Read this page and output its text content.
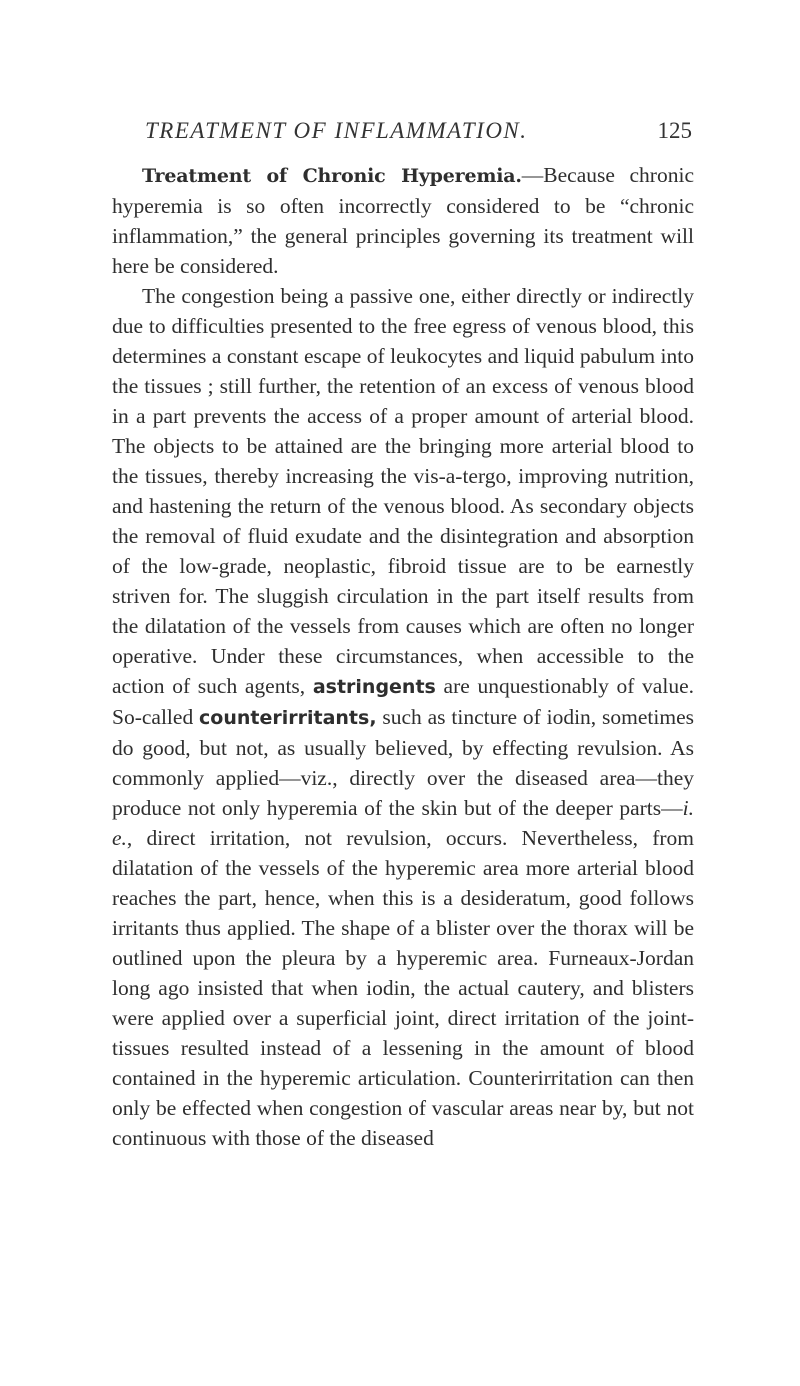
TREATMENT OF INFLAMMATION.	125

Treatment of Chronic Hyperemia.—Because chronic hyperemia is so often incorrectly considered to be “chronic inflammation,” the general principles governing its treatment will here be considered.

The congestion being a passive one, either directly or indirectly due to difficulties presented to the free egress of venous blood, this determines a constant escape of leukocytes and liquid pabulum into the tissues ; still further, the retention of an excess of venous blood in a part prevents the access of a proper amount of arterial blood. The objects to be attained are the bringing more arterial blood to the tissues, thereby increasing the vis-a-tergo, improving nutrition, and hastening the return of the venous blood. As secondary objects the removal of fluid exudate and the disintegration and absorption of the low-grade, neoplastic, fibroid tissue are to be earnestly striven for. The sluggish circulation in the part itself results from the dilatation of the vessels from causes which are often no longer operative. Under these circumstances, when accessible to the action of such agents, astringents are unquestionably of value. So-called counterirritants, such as tincture of iodin, sometimes do good, but not, as usually believed, by effecting revulsion. As commonly applied—viz., directly over the diseased area—they produce not only hyperemia of the skin but of the deeper parts—i. e., direct irritation, not revulsion, occurs. Nevertheless, from dilatation of the vessels of the hyperemic area more arterial blood reaches the part, hence, when this is a desideratum, good follows irritants thus applied. The shape of a blister over the thorax will be outlined upon the pleura by a hyperemic area. Furneaux-Jordan long ago insisted that when iodin, the actual cautery, and blisters were applied over a superficial joint, direct irritation of the joint-tissues resulted instead of a lessening in the amount of blood contained in the hyperemic articulation. Counterirritation can then only be effected when congestion of vascular areas near by, but not continuous with those of the diseased
